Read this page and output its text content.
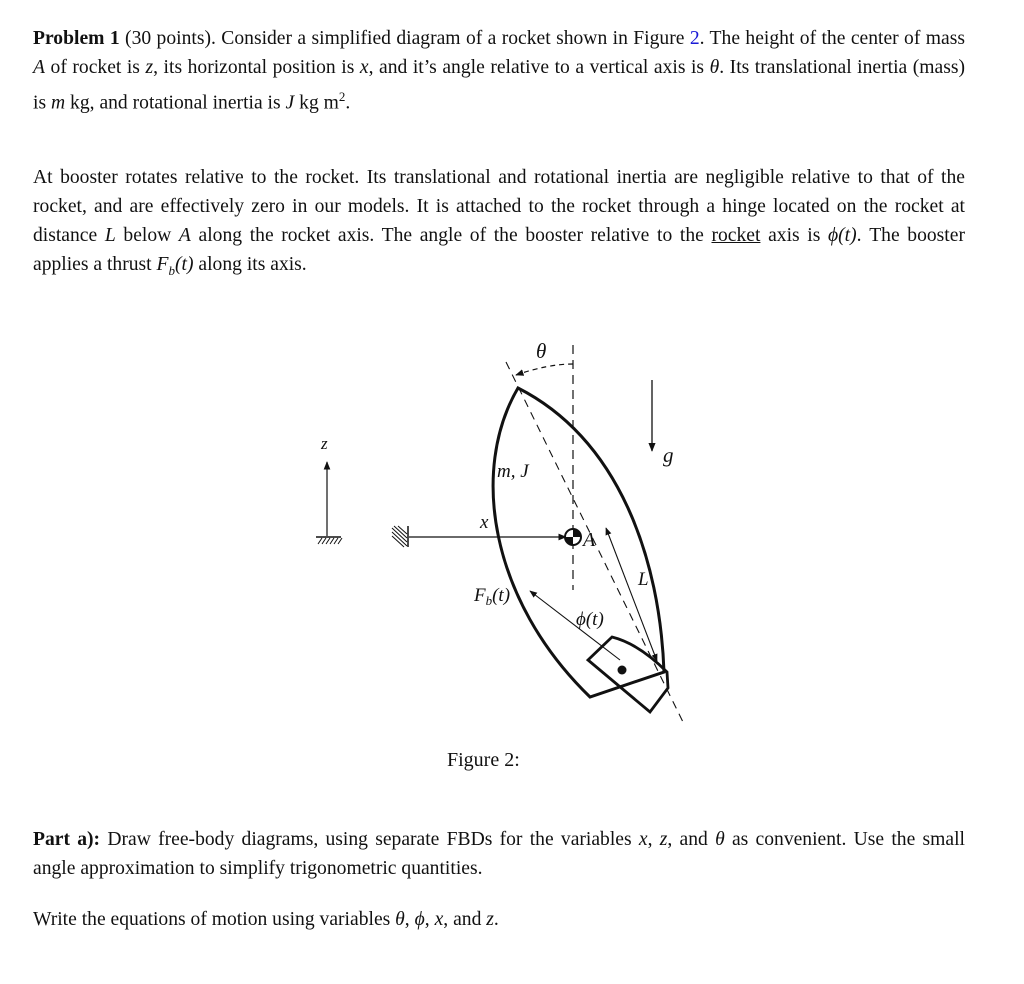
Problem 1 (30 points). Consider a simplified diagram of a rocket shown in Figure 2. The height of the center of mass A of rocket is z, its horizontal position is x, and it’s angle relative to a vertical axis is θ. Its translational inertia (mass) is m kg, and rotational inertia is J kg $m^2$.
At booster rotates relative to the rocket. Its translational and rotational inertia are negligible relative to that of the rocket, and are effectively zero in our models. It is attached to the rocket through a hinge located on the rocket at distance L below A along the rocket axis. The angle of the booster relative to the rocket axis is ϕ(t). The booster applies a thrust $F_b(t)$ along its axis.
θ
g
z
x
A
m, J
L
$F_b(t)$
ϕ(t)
Figure 2:
Part a): Draw free-body diagrams, using separate FBDs for the variables x, z, and θ as convenient. Use the small angle approximation to simplify trigonometric quantities.
Write the equations of motion using variables θ, ϕ, x, and z.
